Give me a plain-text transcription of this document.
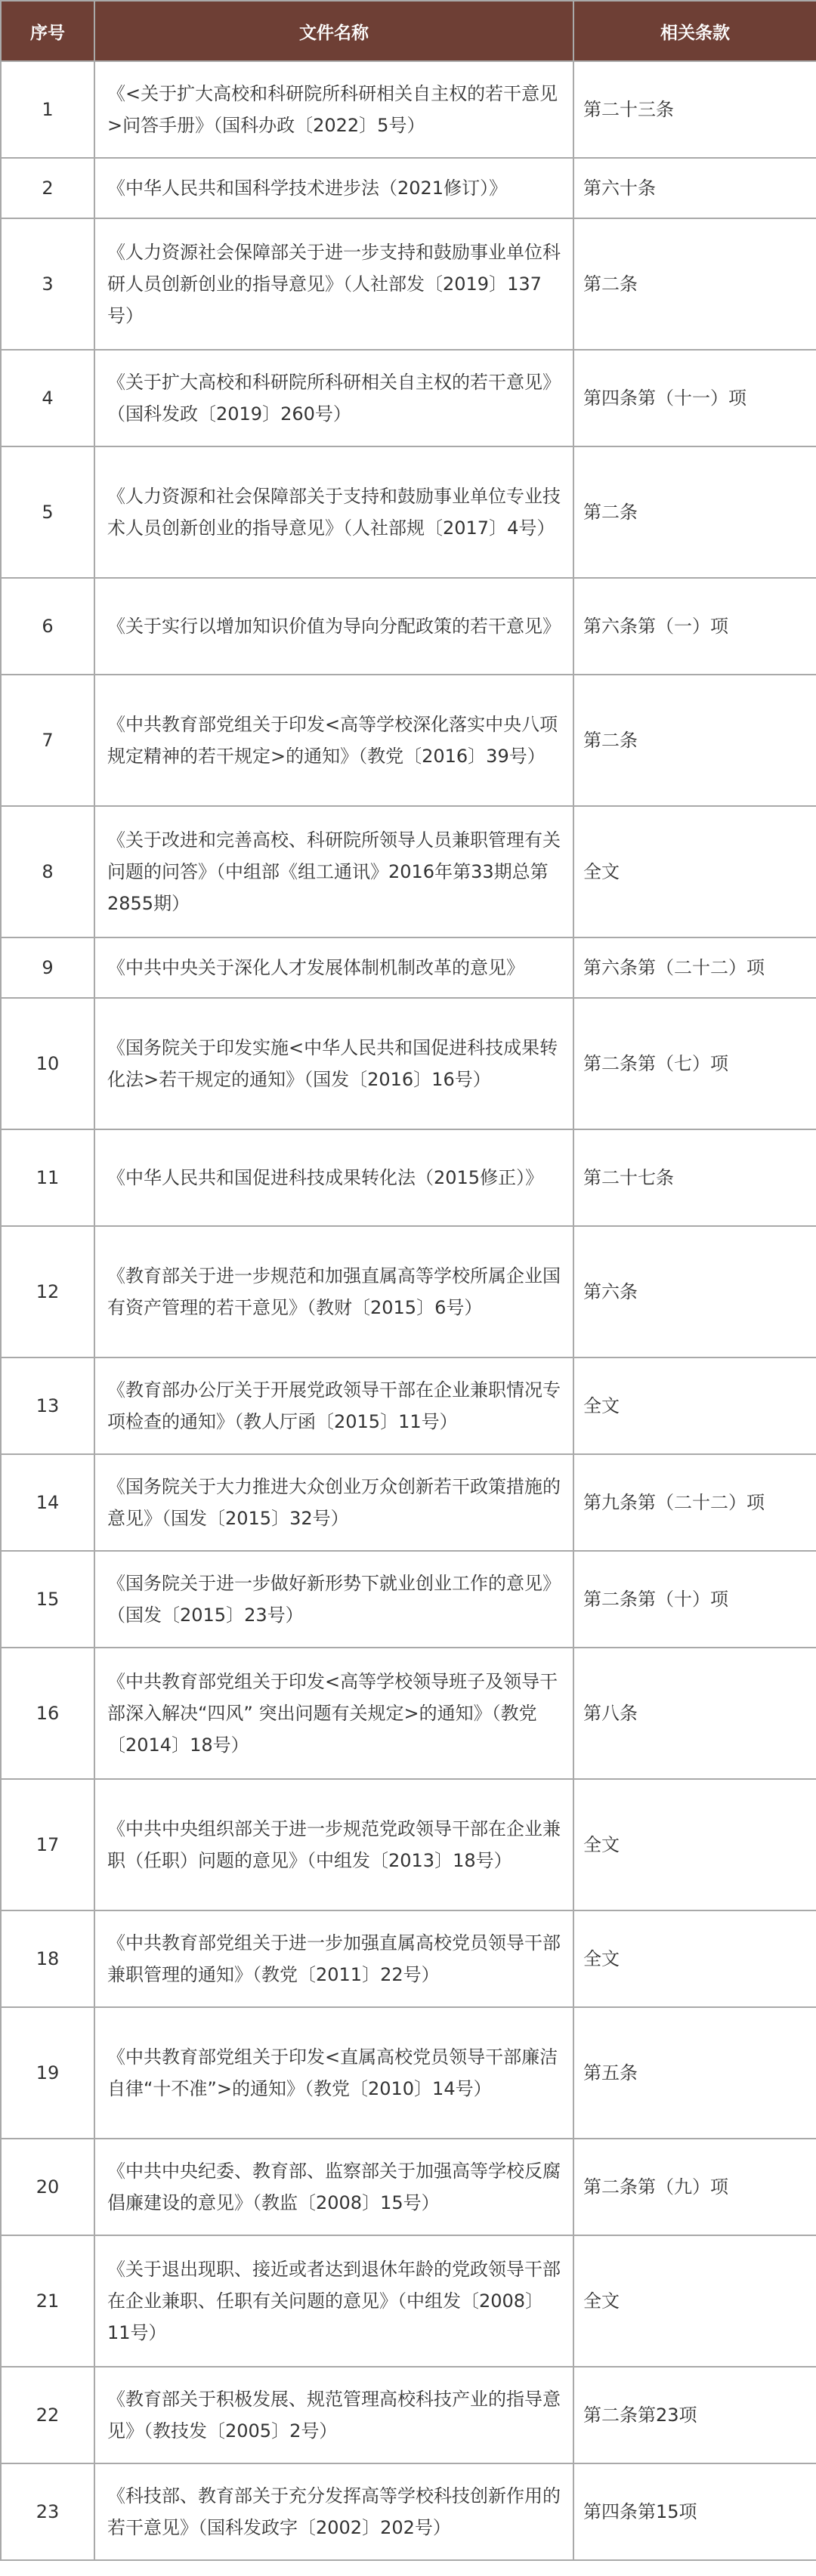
序号	文件名称	相关条款
1	《<关于扩大高校和科研院所科研相关自主权的若干意见>问答手册》（国科办政〔2022〕5号）	第二十三条
2	《中华人民共和国科学技术进步法（2021修订）》	第六十条
3	《人力资源社会保障部关于进一步支持和鼓励事业单位科研人员创新创业的指导意见》（人社部发〔2019〕137号）	第二条
4	《关于扩大高校和科研院所科研相关自主权的若干意见》（国科发政〔2019〕260号）	第四条第（十一）项
5	《人力资源和社会保障部关于支持和鼓励事业单位专业技术人员创新创业的指导意见》（人社部规〔2017〕4号）	第二条
6	《关于实行以增加知识价值为导向分配政策的若干意见》	第六条第（一）项
7	《中共教育部党组关于印发<高等学校深化落实中央八项规定精神的若干规定>的通知》（教党〔2016〕39号）	第二条
8	《关于改进和完善高校、科研院所领导人员兼职管理有关问题的问答》（中组部《组工通讯》2016年第33期总第2855期）	全文
9	《中共中央关于深化人才发展体制机制改革的意见》	第六条第（二十二）项
10	《国务院关于印发实施<中华人民共和国促进科技成果转化法>若干规定的通知》（国发〔2016〕16号）	第二条第（七）项
11	《中华人民共和国促进科技成果转化法（2015修正）》	第二十七条
12	《教育部关于进一步规范和加强直属高等学校所属企业国有资产管理的若干意见》（教财〔2015〕6号）	第六条
13	《教育部办公厅关于开展党政领导干部在企业兼职情况专项检查的通知》（教人厅函〔2015〕11号）	全文
14	《国务院关于大力推进大众创业万众创新若干政策措施的意见》（国发〔2015〕32号）	第九条第（二十二）项
15	《国务院关于进一步做好新形势下就业创业工作的意见》（国发〔2015〕23号）	第二条第（十）项
16	《中共教育部党组关于印发<高等学校领导班子及领导干部深入解决“四风” 突出问题有关规定>的通知》（教党〔2014〕18号）	第八条
17	《中共中央组织部关于进一步规范党政领导干部在企业兼职（任职）问题的意见》（中组发〔2013〕18号）	全文
18	《中共教育部党组关于进一步加强直属高校党员领导干部兼职管理的通知》（教党〔2011〕22号）	全文
19	《中共教育部党组关于印发<直属高校党员领导干部廉洁自律“十不准”>的通知》（教党〔2010〕14号）	第五条
20	《中共中央纪委、教育部、监察部关于加强高等学校反腐倡廉建设的意见》（教监〔2008〕15号）	第二条第（九）项
21	《关于退出现职、接近或者达到退休年龄的党政领导干部在企业兼职、任职有关问题的意见》（中组发〔2008〕11号）	全文
22	《教育部关于积极发展、规范管理高校科技产业的指导意见》（教技发〔2005〕2号）	第二条第23项
23	《科技部、教育部关于充分发挥高等学校科技创新作用的若干意见》（国科发政字〔2002〕202号）	第四条第15项
